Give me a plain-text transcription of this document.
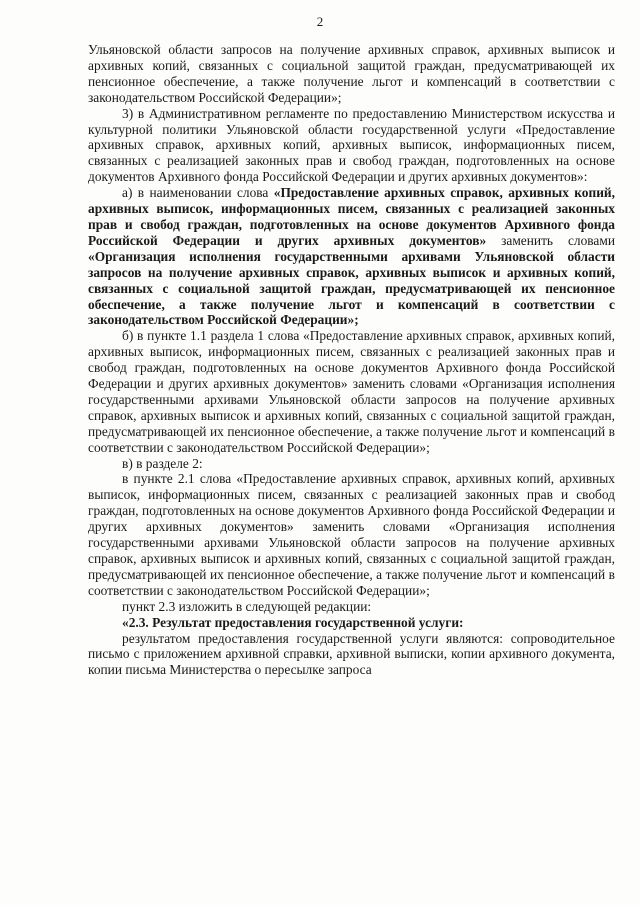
2

Ульяновской области запросов на получение архивных справок, архивных выписок и архивных копий, связанных с социальной защитой граждан, предусматривающей их пенсионное обеспечение, а также получение льгот и компенсаций в соответствии с законодательством Российской Федерации»;

3) в Административном регламенте по предоставлению Министерством искусства и культурной политики Ульяновской области государственной услуги «Предоставление архивных справок, архивных копий, архивных выписок, информационных писем, связанных с реализацией законных прав и свобод граждан, подготовленных на основе документов Архивного фонда Российской Федерации и других архивных документов»:

а) в наименовании слова «Предоставление архивных справок, архивных копий, архивных выписок, информационных писем, связанных с реализацией законных прав и свобод граждан, подготовленных на основе документов Архивного фонда Российской Федерации и других архивных документов» заменить словами «Организация исполнения государственными архивами Ульяновской области запросов на получение архивных справок, архивных выписок и архивных копий, связанных с социальной защитой граждан, предусматривающей их пенсионное обеспечение, а также получение льгот и компенсаций в соответствии с законодательством Российской Федерации»;

б) в пункте 1.1 раздела 1 слова «Предоставление архивных справок, архивных копий, архивных выписок, информационных писем, связанных с реализацией законных прав и свобод граждан, подготовленных на основе документов Архивного фонда Российской Федерации и других архивных документов» заменить словами «Организация исполнения государственными архивами Ульяновской области запросов на получение архивных справок, архивных выписок и архивных копий, связанных с социальной защитой граждан, предусматривающей их пенсионное обеспечение, а также получение льгот и компенсаций в соответствии с законодательством Российской Федерации»;

в) в разделе 2:

в пункте 2.1 слова «Предоставление архивных справок, архивных копий, архивных выписок, информационных писем, связанных с реализацией законных прав и свобод граждан, подготовленных на основе документов Архивного фонда Российской Федерации и других архивных документов» заменить словами «Организация исполнения государственными архивами Ульяновской области запросов на получение архивных справок, архивных выписок и архивных копий, связанных с социальной защитой граждан, предусматривающей их пенсионное обеспечение, а также получение льгот и компенсаций в соответствии с законодательством Российской Федерации»;

пункт 2.3 изложить в следующей редакции:

«2.3. Результат предоставления государственной услуги:

результатом предоставления государственной услуги являются: сопроводительное письмо с приложением архивной справки, архивной выписки, копии архивного документа, копии письма Министерства о пересылке запроса
